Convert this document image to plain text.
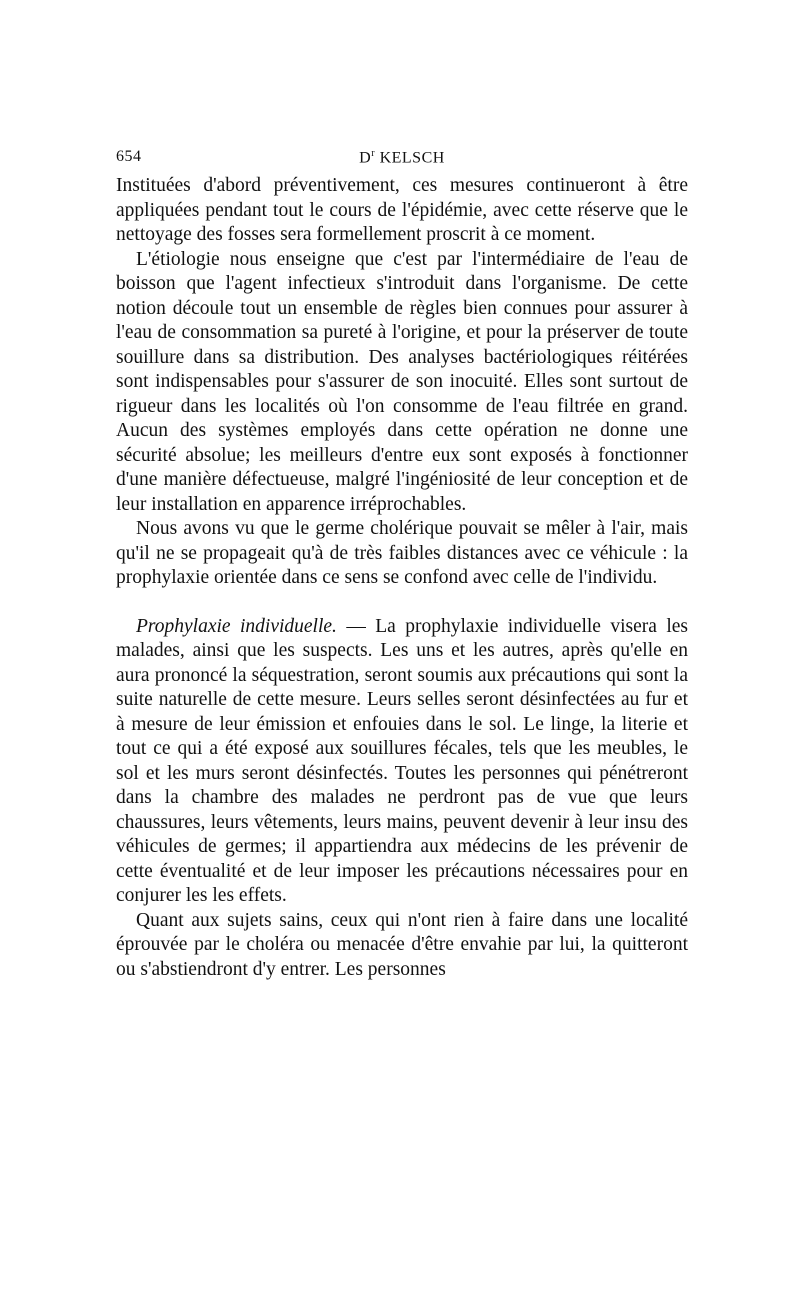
654	$D^r$ KELSCH

Instituées d'abord préventivement, ces mesures continueront à être appliquées pendant tout le cours de l'épidémie, avec cette réserve que le nettoyage des fosses sera formellement proscrit à ce moment.

L'étiologie nous enseigne que c'est par l'intermédiaire de l'eau de boisson que l'agent infectieux s'introduit dans l'organisme. De cette notion découle tout un ensemble de règles bien connues pour assurer à l'eau de consommation sa pureté à l'origine, et pour la préserver de toute souillure dans sa distribution. Des analyses bactériologiques réitérées sont indispensables pour s'assurer de son inocuité. Elles sont surtout de rigueur dans les localités où l'on consomme de l'eau filtrée en grand. Aucun des systèmes employés dans cette opération ne donne une sécurité absolue; les meilleurs d'entre eux sont exposés à fonctionner d'une manière défectueuse, malgré l'ingéniosité de leur conception et de leur installation en apparence irréprochables.

Nous avons vu que le germe cholérique pouvait se mêler à l'air, mais qu'il ne se propageait qu'à de très faibles distances avec ce véhicule : la prophylaxie orientée dans ce sens se confond avec celle de l'individu.

Prophylaxie individuelle. — La prophylaxie individuelle visera les malades, ainsi que les suspects. Les uns et les autres, après qu'elle en aura prononcé la séquestration, seront soumis aux précautions qui sont la suite naturelle de cette mesure. Leurs selles seront désinfectées au fur et à mesure de leur émission et enfouies dans le sol. Le linge, la literie et tout ce qui a été exposé aux souillures fécales, tels que les meubles, le sol et les murs seront désinfectés. Toutes les personnes qui pénétreront dans la chambre des malades ne perdront pas de vue que leurs chaussures, leurs vêtements, leurs mains, peuvent devenir à leur insu des véhicules de germes; il appartiendra aux médecins de les prévenir de cette éventualité et de leur imposer les précautions nécessaires pour en conjurer les les effets.

Quant aux sujets sains, ceux qui n'ont rien à faire dans une localité éprouvée par le choléra ou menacée d'être envahie par lui, la quitteront ou s'abstiendront d'y entrer. Les personnes
